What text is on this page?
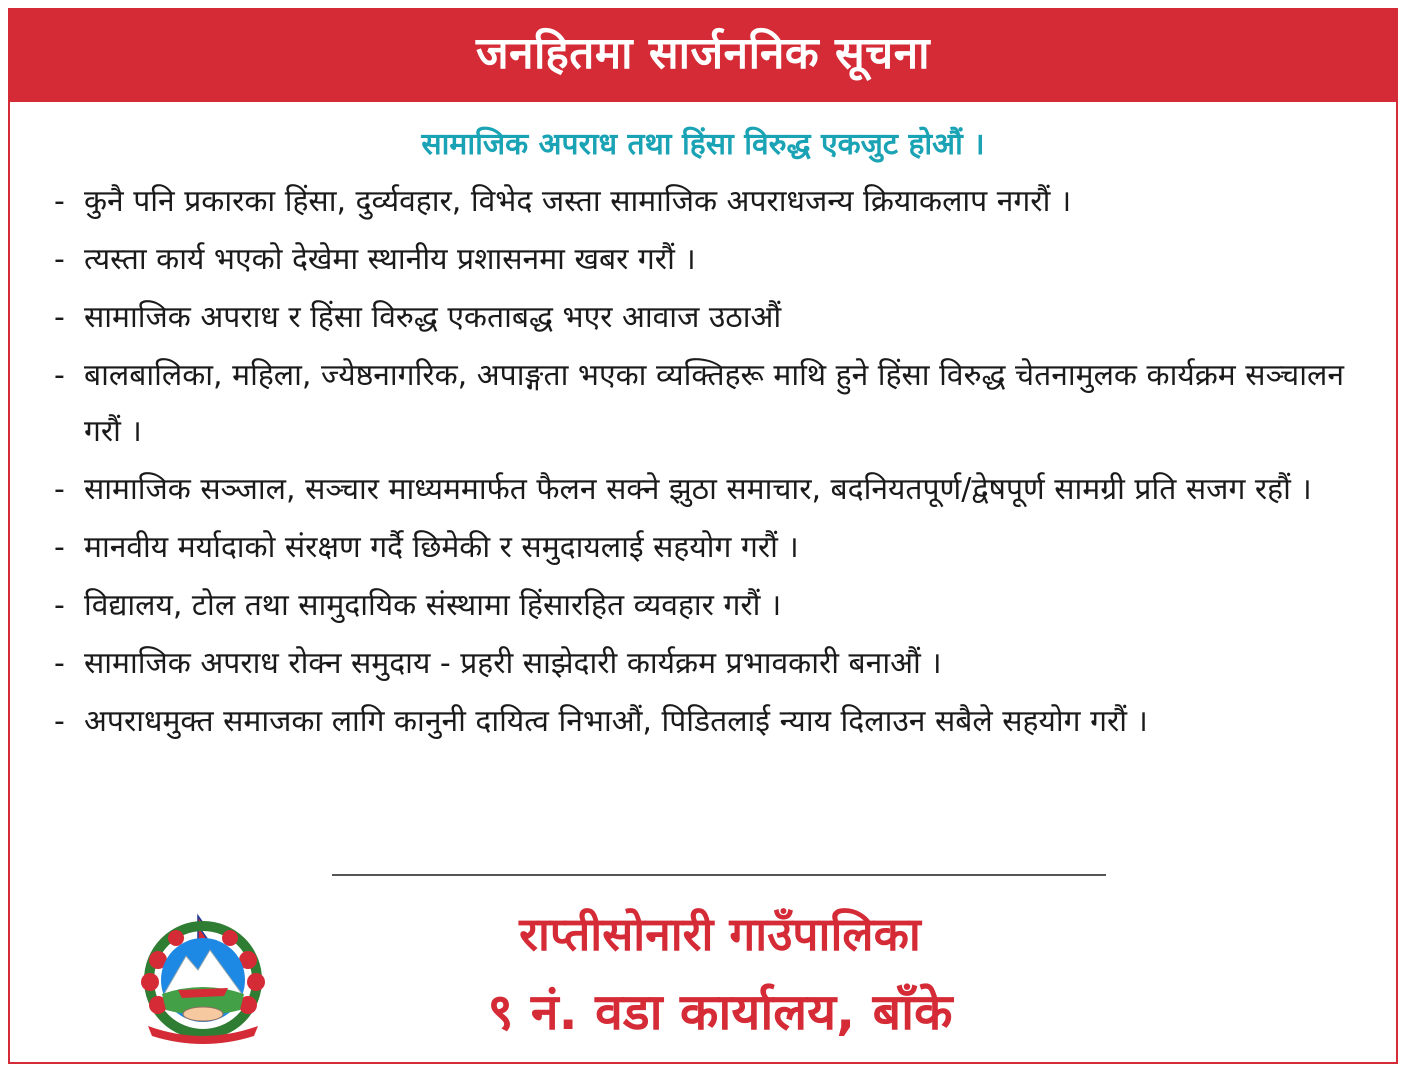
जनहितमा सार्जननिक सूचना
सामाजिक अपराध तथा हिंसा विरुद्ध एकजुट होऔं ।
- कुनै पनि प्रकारका हिंसा, दुर्व्यवहार, विभेद जस्ता सामाजिक अपराधजन्य क्रियाकलाप नगरौं ।
- त्यस्ता कार्य भएको देखेमा स्थानीय प्रशासनमा खबर गरौं ।
- सामाजिक अपराध र हिंसा विरुद्ध एकताबद्ध भएर आवाज उठाऔं
- बालबालिका, महिला, ज्येष्ठनागरिक, अपाङ्गता भएका व्यक्तिहरू माथि हुने हिंसा विरुद्ध चेतनामुलक कार्यक्रम सञ्चालन गरौं ।
- सामाजिक सञ्जाल, सञ्चार माध्यममार्फत फैलन सक्ने झुठा समाचार, बदनियतपूर्ण/द्वेषपूर्ण सामग्री प्रति सजग रहौं ।
- मानवीय मर्यादाको संरक्षण गर्दै छिमेकी र समुदायलाई सहयोग गरौं ।
- विद्यालय, टोल तथा सामुदायिक संस्थामा हिंसारहित व्यवहार गरौं ।
- सामाजिक अपराध रोक्न समुदाय - प्रहरी साझेदारी कार्यक्रम प्रभावकारी बनाऔं ।
- अपराधमुक्त समाजका लागि कानुनी दायित्व निभाऔं, पिडितलाई न्याय दिलाउन सबैले सहयोग गरौं ।
राप्तीसोनारी गाउँपालिका
९ नं. वडा कार्यालय, बाँके
